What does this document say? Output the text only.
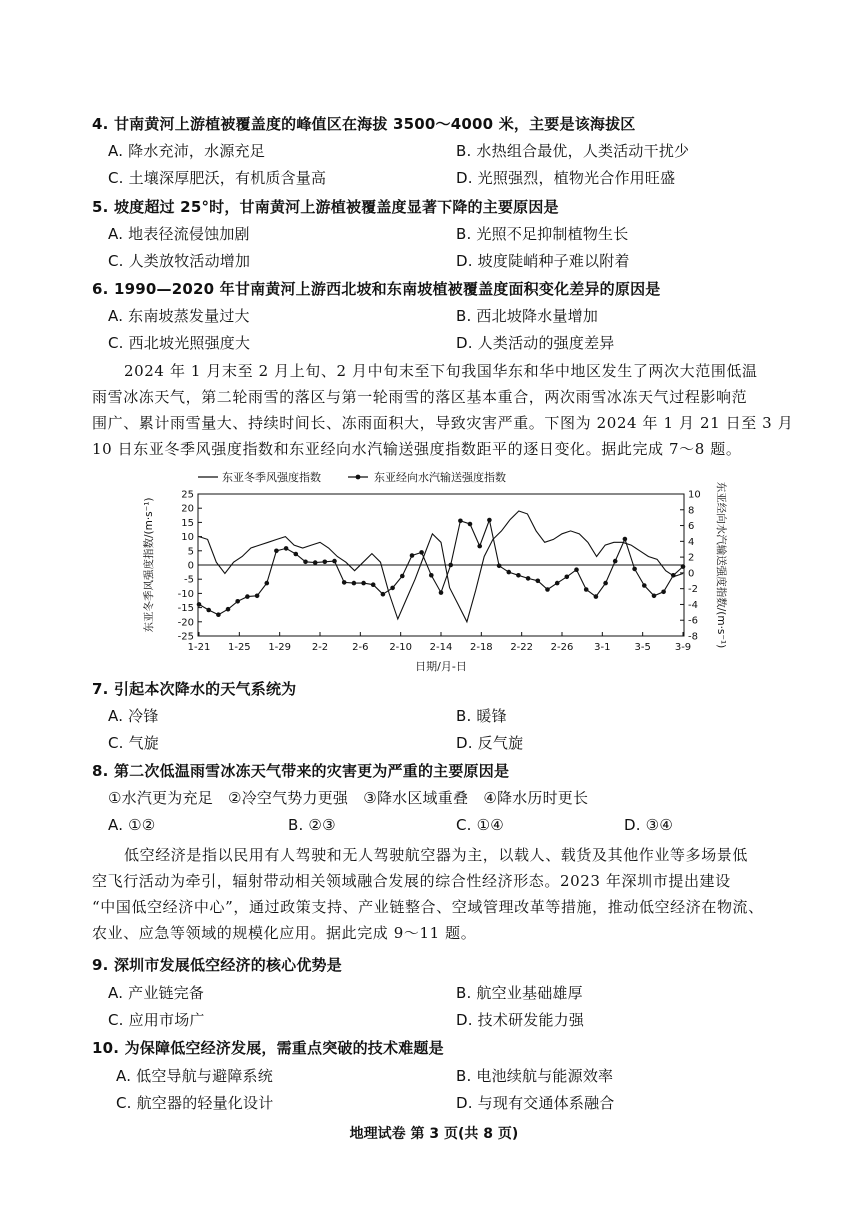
4. 甘南黄河上游植被覆盖度的峰值区在海拔 3500～4000 米，主要是该海拔区
A. 降水充沛，水源充足	B. 水热组合最优，人类活动干扰少
C. 土壤深厚肥沃，有机质含量高	D. 光照强烈，植物光合作用旺盛
5. 坡度超过 25°时，甘南黄河上游植被覆盖度显著下降的主要原因是
A. 地表径流侵蚀加剧	B. 光照不足抑制植物生长
C. 人类放牧活动增加	D. 坡度陡峭种子难以附着
6. 1990—2020 年甘南黄河上游西北坡和东南坡植被覆盖度面积变化差异的原因是
A. 东南坡蒸发量过大	B. 西北坡降水量增加
C. 西北坡光照强度大	D. 人类活动的强度差异
2024 年 1 月末至 2 月上旬、2 月中旬末至下旬我国华东和华中地区发生了两次大范围低温
雨雪冰冻天气，第二轮雨雪的落区与第一轮雨雪的落区基本重合，两次雨雪冰冻天气过程影响范
围广、累计雨雪量大、持续时间长、冻雨面积大，导致灾害严重。下图为 2024 年 1 月 21 日至 3 月
10 日东亚冬季风强度指数和东亚经向水汽输送强度指数距平的逐日变化。据此完成 7～8 题。
东亚冬季风强度指数	东亚经向水汽输送强度指数
25
20
15
10
5
0
-5
-10
-15
-20
-25
10
8
6
4
2
0
-2
-4
-6
-8
1-21 1-25 1-29 2-2 2-6 2-10 2-14 2-18 2-22 2-26 3-1 3-5 3-9
东亚冬季风强度指数/(m·s⁻¹)	东亚经向水汽输送强度指数/(m·s⁻¹)
日期/月-日
7. 引起本次降水的天气系统为
A. 冷锋	B. 暖锋
C. 气旋	D. 反气旋
8. 第二次低温雨雪冰冻天气带来的灾害更为严重的主要原因是
①水汽更为充足　②冷空气势力更强　③降水区域重叠　④降水历时更长
A. ①②	B. ②③	C. ①④	D. ③④
低空经济是指以民用有人驾驶和无人驾驶航空器为主，以载人、载货及其他作业等多场景低
空飞行活动为牵引，辐射带动相关领域融合发展的综合性经济形态。2023 年深圳市提出建设
“中国低空经济中心”，通过政策支持、产业链整合、空域管理改革等措施，推动低空经济在物流、
农业、应急等领域的规模化应用。据此完成 9～11 题。
9. 深圳市发展低空经济的核心优势是
A. 产业链完备	B. 航空业基础雄厚
C. 应用市场广	D. 技术研发能力强
10. 为保障低空经济发展，需重点突破的技术难题是
A. 低空导航与避障系统	B. 电池续航与能源效率
C. 航空器的轻量化设计	D. 与现有交通体系融合
地理试卷 第 3 页(共 8 页)
